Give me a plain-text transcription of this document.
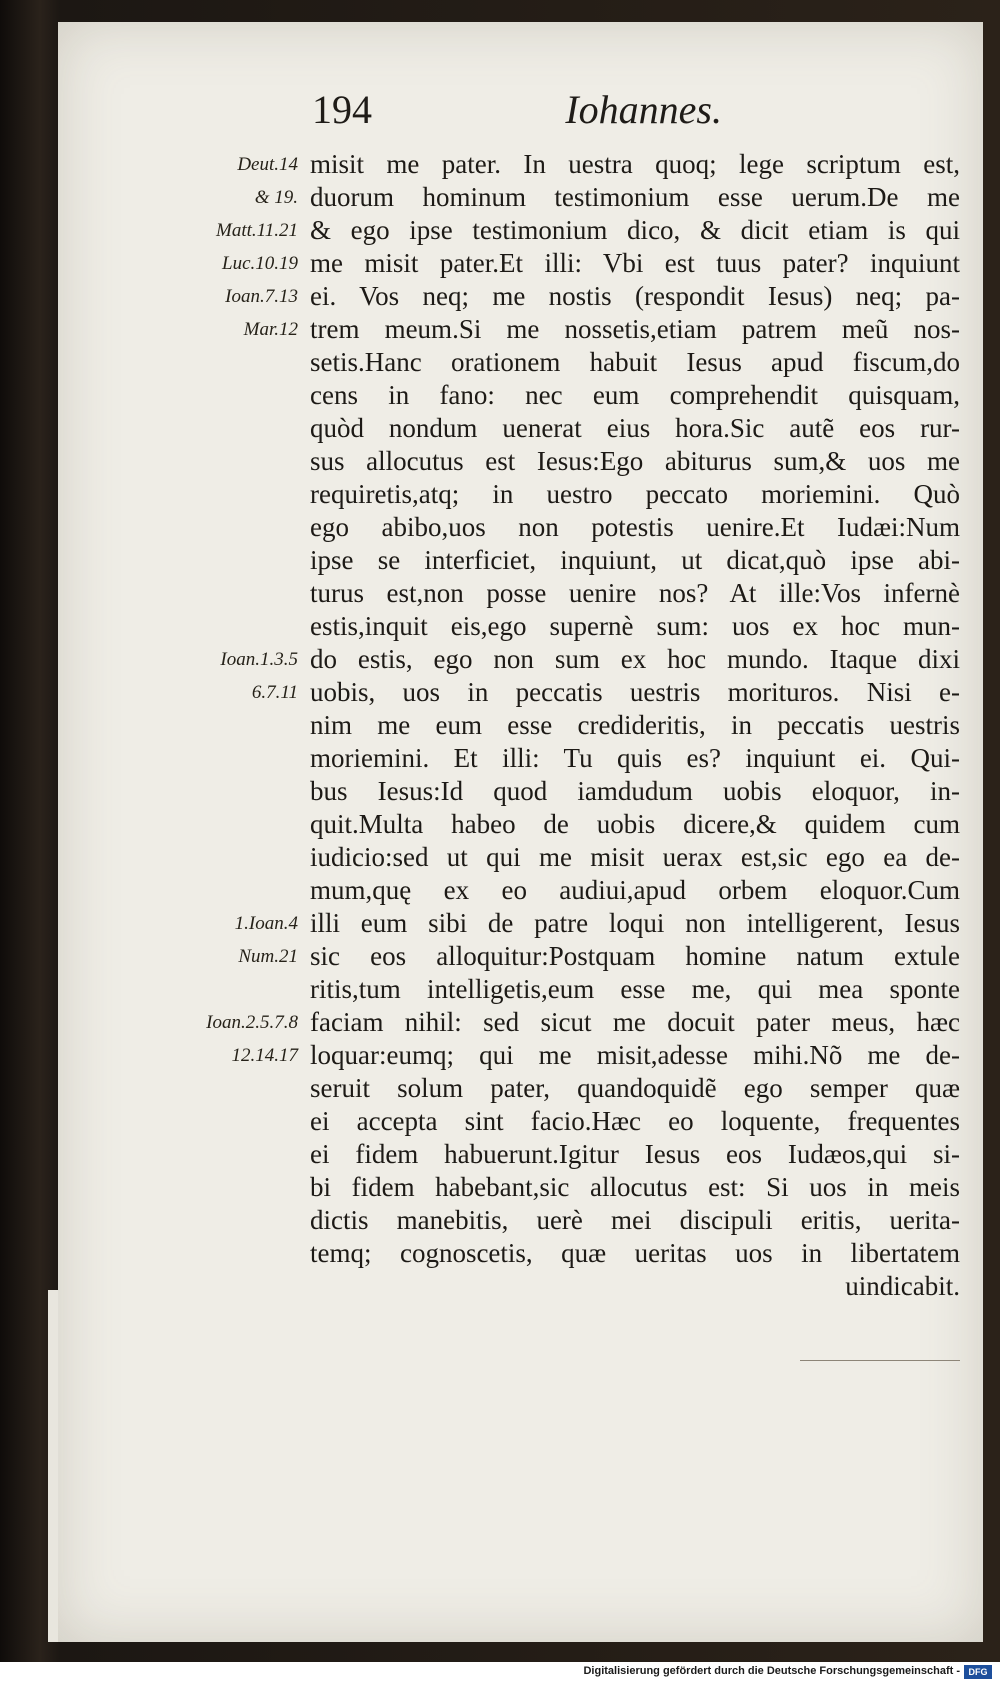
194	Iohannes.
Deut.14
& 19.
Matt.11.21
Luc.10.19
Ioan.7.13
Mar.12
Ioan.1.3.5
6.7.11
1.Ioan.4
Num.21
Ioan.2.5.7.8
12.14.17
misit me pater. In uestra quoq; lege scriptum est,
duorum hominum testimonium esse uerum.De me
& ego ipse testimonium dico, & dicit etiam is qui
me misit pater.Et illi: Vbi est tuus pater? inquiunt
ei. Vos neq; me nostis (respondit Iesus) neq; pa-
trem meum.Si me nossetis,etiam patrem meũ nos-
setis.Hanc orationem habuit Iesus apud fiscum,do
cens in fano: nec eum comprehendit quisquam,
quòd nondum uenerat eius hora.Sic autẽ eos rur-
sus allocutus est Iesus:Ego abiturus sum,& uos me
requiretis,atq; in uestro peccato moriemini. Quò
ego abibo,uos non potestis uenire.Et Iudæi:Num
ipse se interficiet, inquiunt, ut dicat,quò ipse abi-
turus est,non posse uenire nos? At ille:Vos infernè
estis,inquit eis,ego supernè sum: uos ex hoc mun-
do estis, ego non sum ex hoc mundo. Itaque dixi
uobis, uos in peccatis uestris morituros. Nisi e-
nim me eum esse credideritis, in peccatis uestris
moriemini. Et illi: Tu quis es? inquiunt ei. Qui-
bus Iesus:Id quod iamdudum uobis eloquor, in-
quit.Multa habeo de uobis dicere,& quidem cum
iudicio:sed ut qui me misit uerax est,sic ego ea de-
mum,quę ex eo audiui,apud orbem eloquor.Cum
illi eum sibi de patre loqui non intelligerent, Iesus
sic eos alloquitur:Postquam homine natum extule
ritis,tum intelligetis,eum esse me, qui mea sponte
faciam nihil: sed sicut me docuit pater meus, hæc
loquar:eumq; qui me misit,adesse mihi.Nõ me de-
seruit solum pater, quandoquidẽ ego semper quæ
ei accepta sint facio.Hæc eo loquente, frequentes
ei fidem habuerunt.Igitur Iesus eos Iudæos,qui si-
bi fidem habebant,sic allocutus est: Si uos in meis
dictis manebitis, uerè mei discipuli eritis, uerita-
temq; cognoscetis, quæ ueritas uos in libertatem
uindicabit.
Digitalisierung gefördert durch die Deutsche Forschungsgemeinschaft - DFG
